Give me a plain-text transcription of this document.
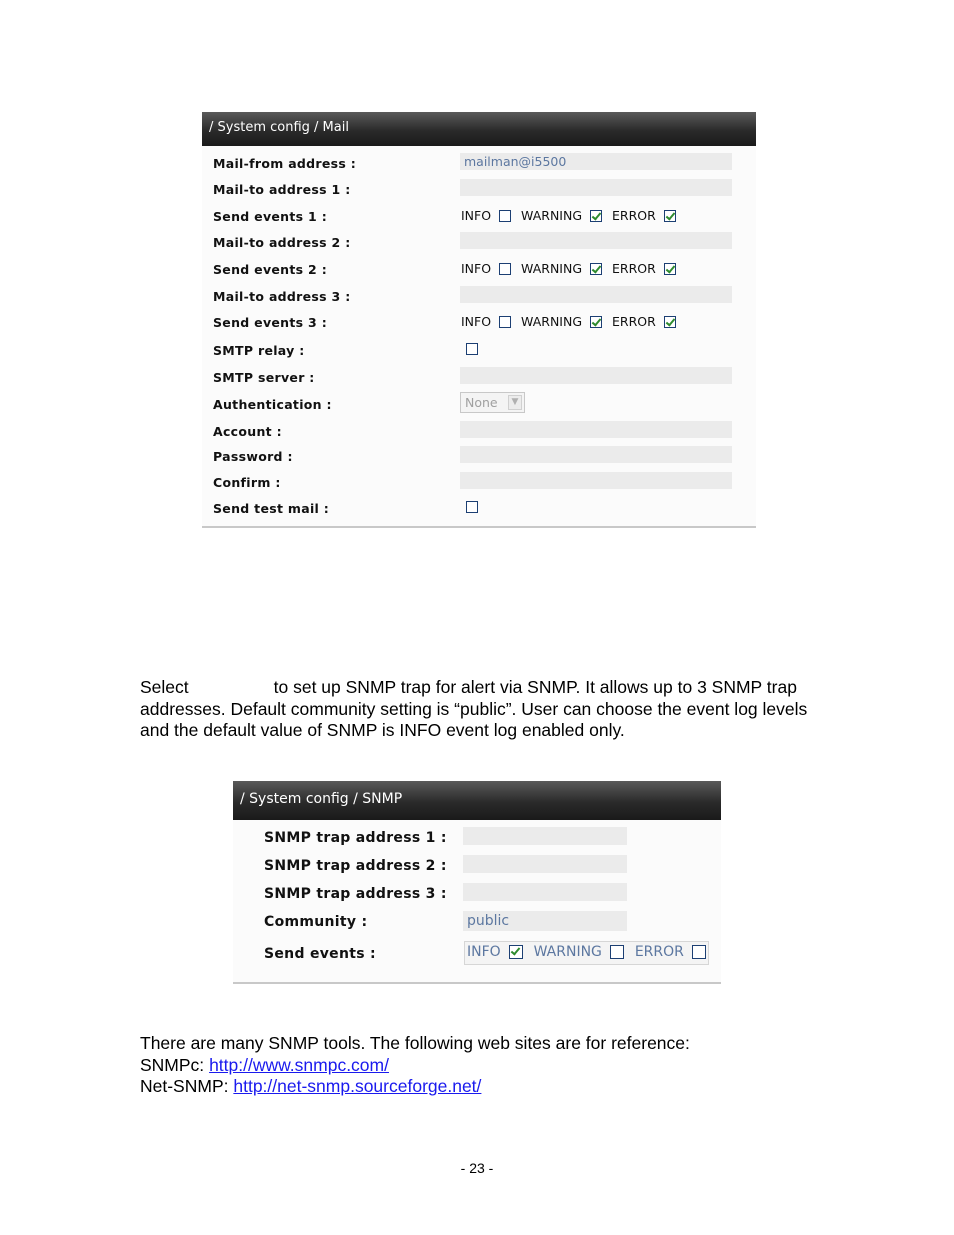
/ System config / Mail
Mail-from address :	mailman@i5500
Mail-to address 1 :
Send events 1 :	INFO WARNING ERROR
Mail-to address 2 :
Send events 2 :	INFO WARNING ERROR
Mail-to address 3 :
Send events 3 :	INFO WARNING ERROR
SMTP relay :
SMTP server :
Authentication :	None	▼
Account :
Password :
Confirm :
Send test mail :
Select	to set up SNMP trap for alert via SNMP. It allows up to 3 SNMP trap addresses. Default community setting is “public”. User can choose the event log levels and the default value of SNMP is INFO event log enabled only.
/ System config / SNMP
SNMP trap address 1 :
SNMP trap address 2 :
SNMP trap address 3 :
Community :	public
Send events :	INFO WARNING ERROR
There are many SNMP tools. The following web sites are for reference:
SNMPc: http://www.snmpc.com/
Net-SNMP: http://net-snmp.sourceforge.net/
- 23 -
